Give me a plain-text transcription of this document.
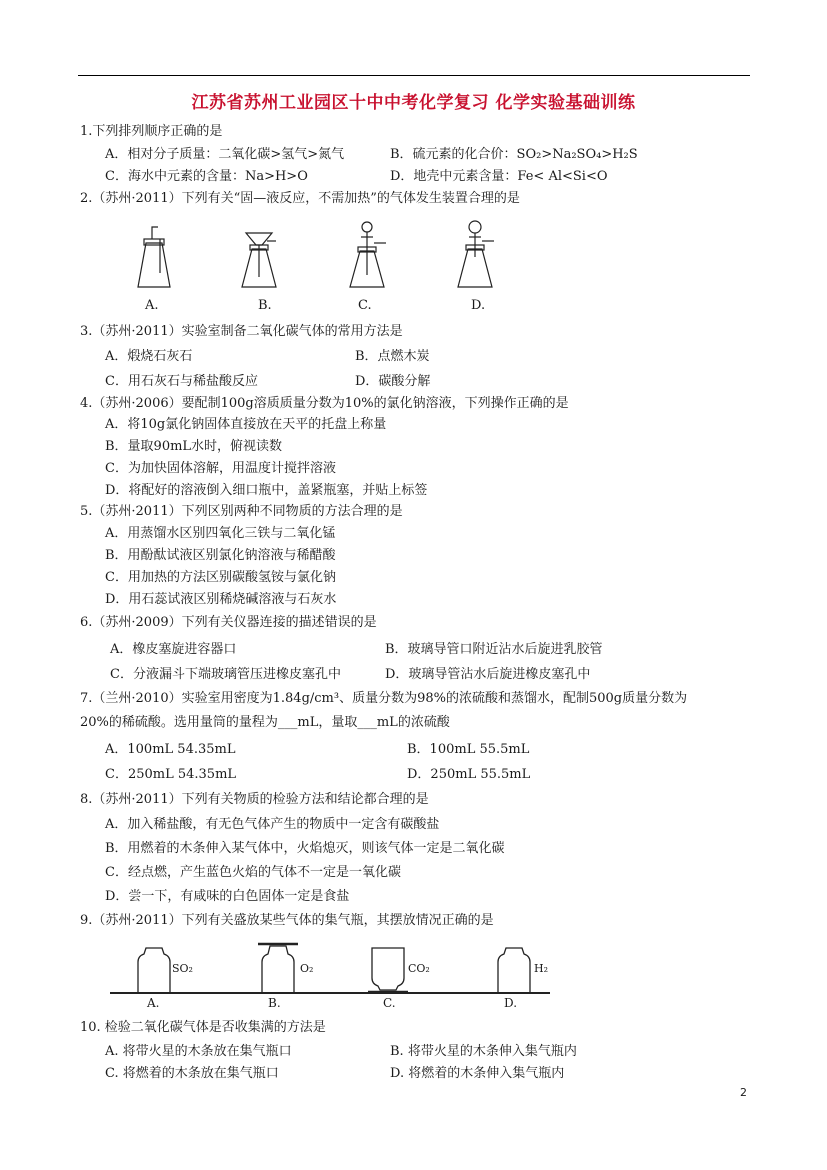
江苏省苏州工业园区十中中考化学复习 化学实验基础训练
1.下列排列顺序正确的是
A．相对分子质量：二氧化碳>氢气>氮气	B．硫元素的化合价：SO₂>Na₂SO₄>H₂S
C．海水中元素的含量：Na>H>O	D．地壳中元素含量：Fe< Al<Si<O
2.（苏州·2011）下列有关“固—液反应，不需加热”的气体发生装置合理的是
A.	B.	C.	D.
3.（苏州·2011）实验室制备二氧化碳气体的常用方法是
A．煅烧石灰石	B．点燃木炭
C．用石灰石与稀盐酸反应	D．碳酸分解
4.（苏州·2006）要配制100g溶质质量分数为10%的氯化钠溶液，下列操作正确的是
A．将10g氯化钠固体直接放在天平的托盘上称量
B．量取90mL水时，俯视读数
C．为加快固体溶解，用温度计搅拌溶液
D．将配好的溶液倒入细口瓶中，盖紧瓶塞，并贴上标签
5.（苏州·2011）下列区别两种不同物质的方法合理的是
A．用蒸馏水区别四氧化三铁与二氧化锰
B．用酚酞试液区别氯化钠溶液与稀醋酸
C．用加热的方法区别碳酸氢铵与氯化钠
D．用石蕊试液区别稀烧碱溶液与石灰水
6.（苏州·2009）下列有关仪器连接的描述错误的是
A．橡皮塞旋进容器口	B．玻璃导管口附近沾水后旋进乳胶管
C．分液漏斗下端玻璃管压进橡皮塞孔中	D．玻璃导管沾水后旋进橡皮塞孔中
7.（兰州·2010）实验室用密度为1.84g/cm³、质量分数为98%的浓硫酸和蒸馏水，配制500g质量分数为
20%的稀硫酸。选用量筒的量程为___mL，量取___mL的浓硫酸
A．100mL 54.35mL	B．100mL 55.5mL
C．250mL 54.35mL	D．250mL 55.5mL
8.（苏州·2011）下列有关物质的检验方法和结论都合理的是
A．加入稀盐酸，有无色气体产生的物质中一定含有碳酸盐
B．用燃着的木条伸入某气体中，火焰熄灭，则该气体一定是二氧化碳
C．经点燃，产生蓝色火焰的气体不一定是一氧化碳
D．尝一下，有咸味的白色固体一定是食盐
9.（苏州·2011）下列有关盛放某些气体的集气瓶，其摆放情况正确的是
SO₂	O₂	CO₂	H₂
A.	B.	C.	D.
10. 检验二氧化碳气体是否收集满的方法是
A. 将带火星的木条放在集气瓶口	B. 将带火星的木条伸入集气瓶内
C. 将燃着的木条放在集气瓶口	D. 将燃着的木条伸入集气瓶内
2
